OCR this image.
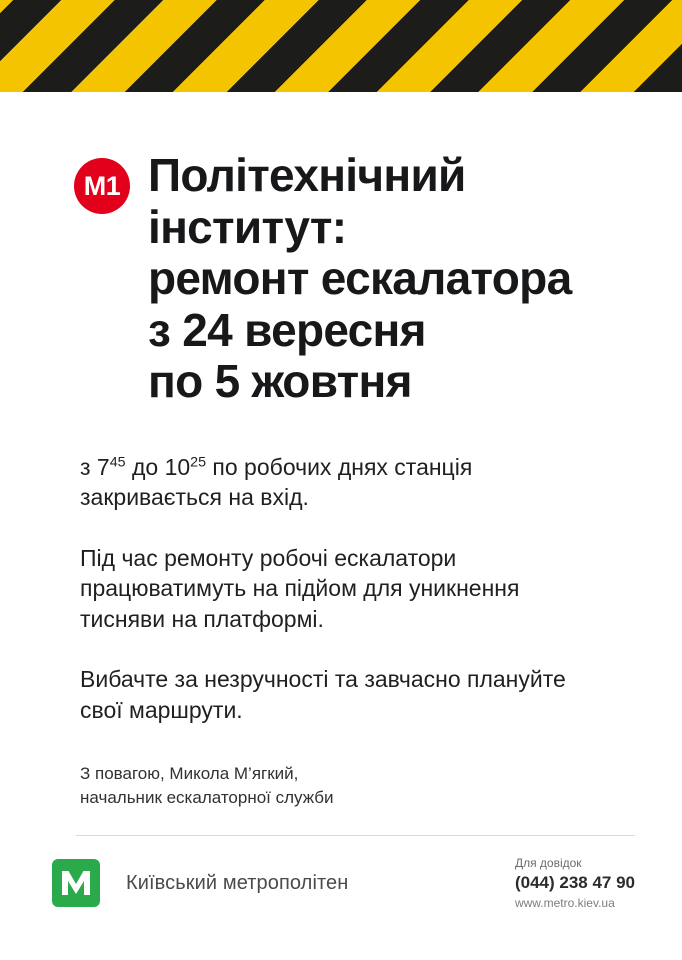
M1 Політехнічний
інститут:
ремонт ескалатора
з 24 вересня
по 5 жовтня

з $7^{45}$ до $10^{25}$ по робочих днях станція закривається на вхід.

Під час ремонту робочі ескалатори працюватимуть на підйом для уникнення тисняви на платформі.

Вибачте за незручності та завчасно плануйте свої маршрути.

З повагою, Микола М’ягкий,
начальник ескалаторної служби
Київський метрополітен
Для довідок
(044) 238 47 90
www.metro.kiev.ua
